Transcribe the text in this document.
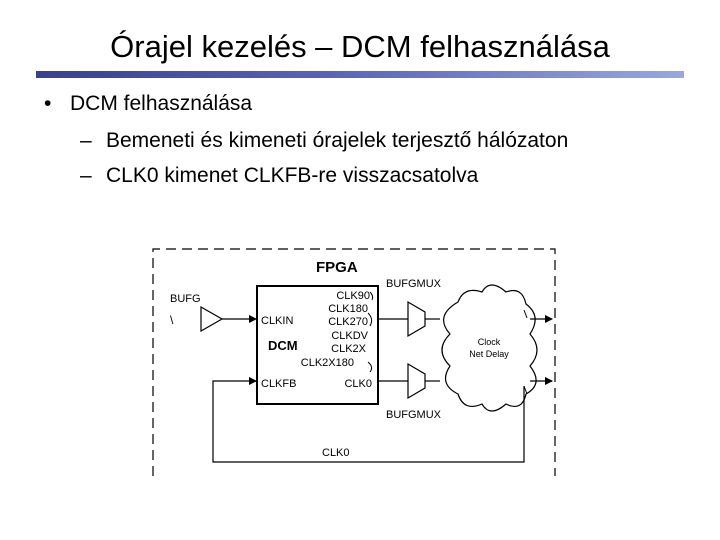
Órajel kezelés – DCM felhasználása
• DCM felhasználása
– Bemeneti és kimeneti órajelek terjesztő hálózaton
– CLK0 kimenet CLKFB-re visszacsatolva
FPGA
BUFG
\
DCM
CLKIN
CLKFB
CLK90
CLK180
CLK270
CLKDV
CLK2X
CLK2X180
CLK0
BUFGMUX
BUFGMUX
Clock
Net Delay
CLK0
